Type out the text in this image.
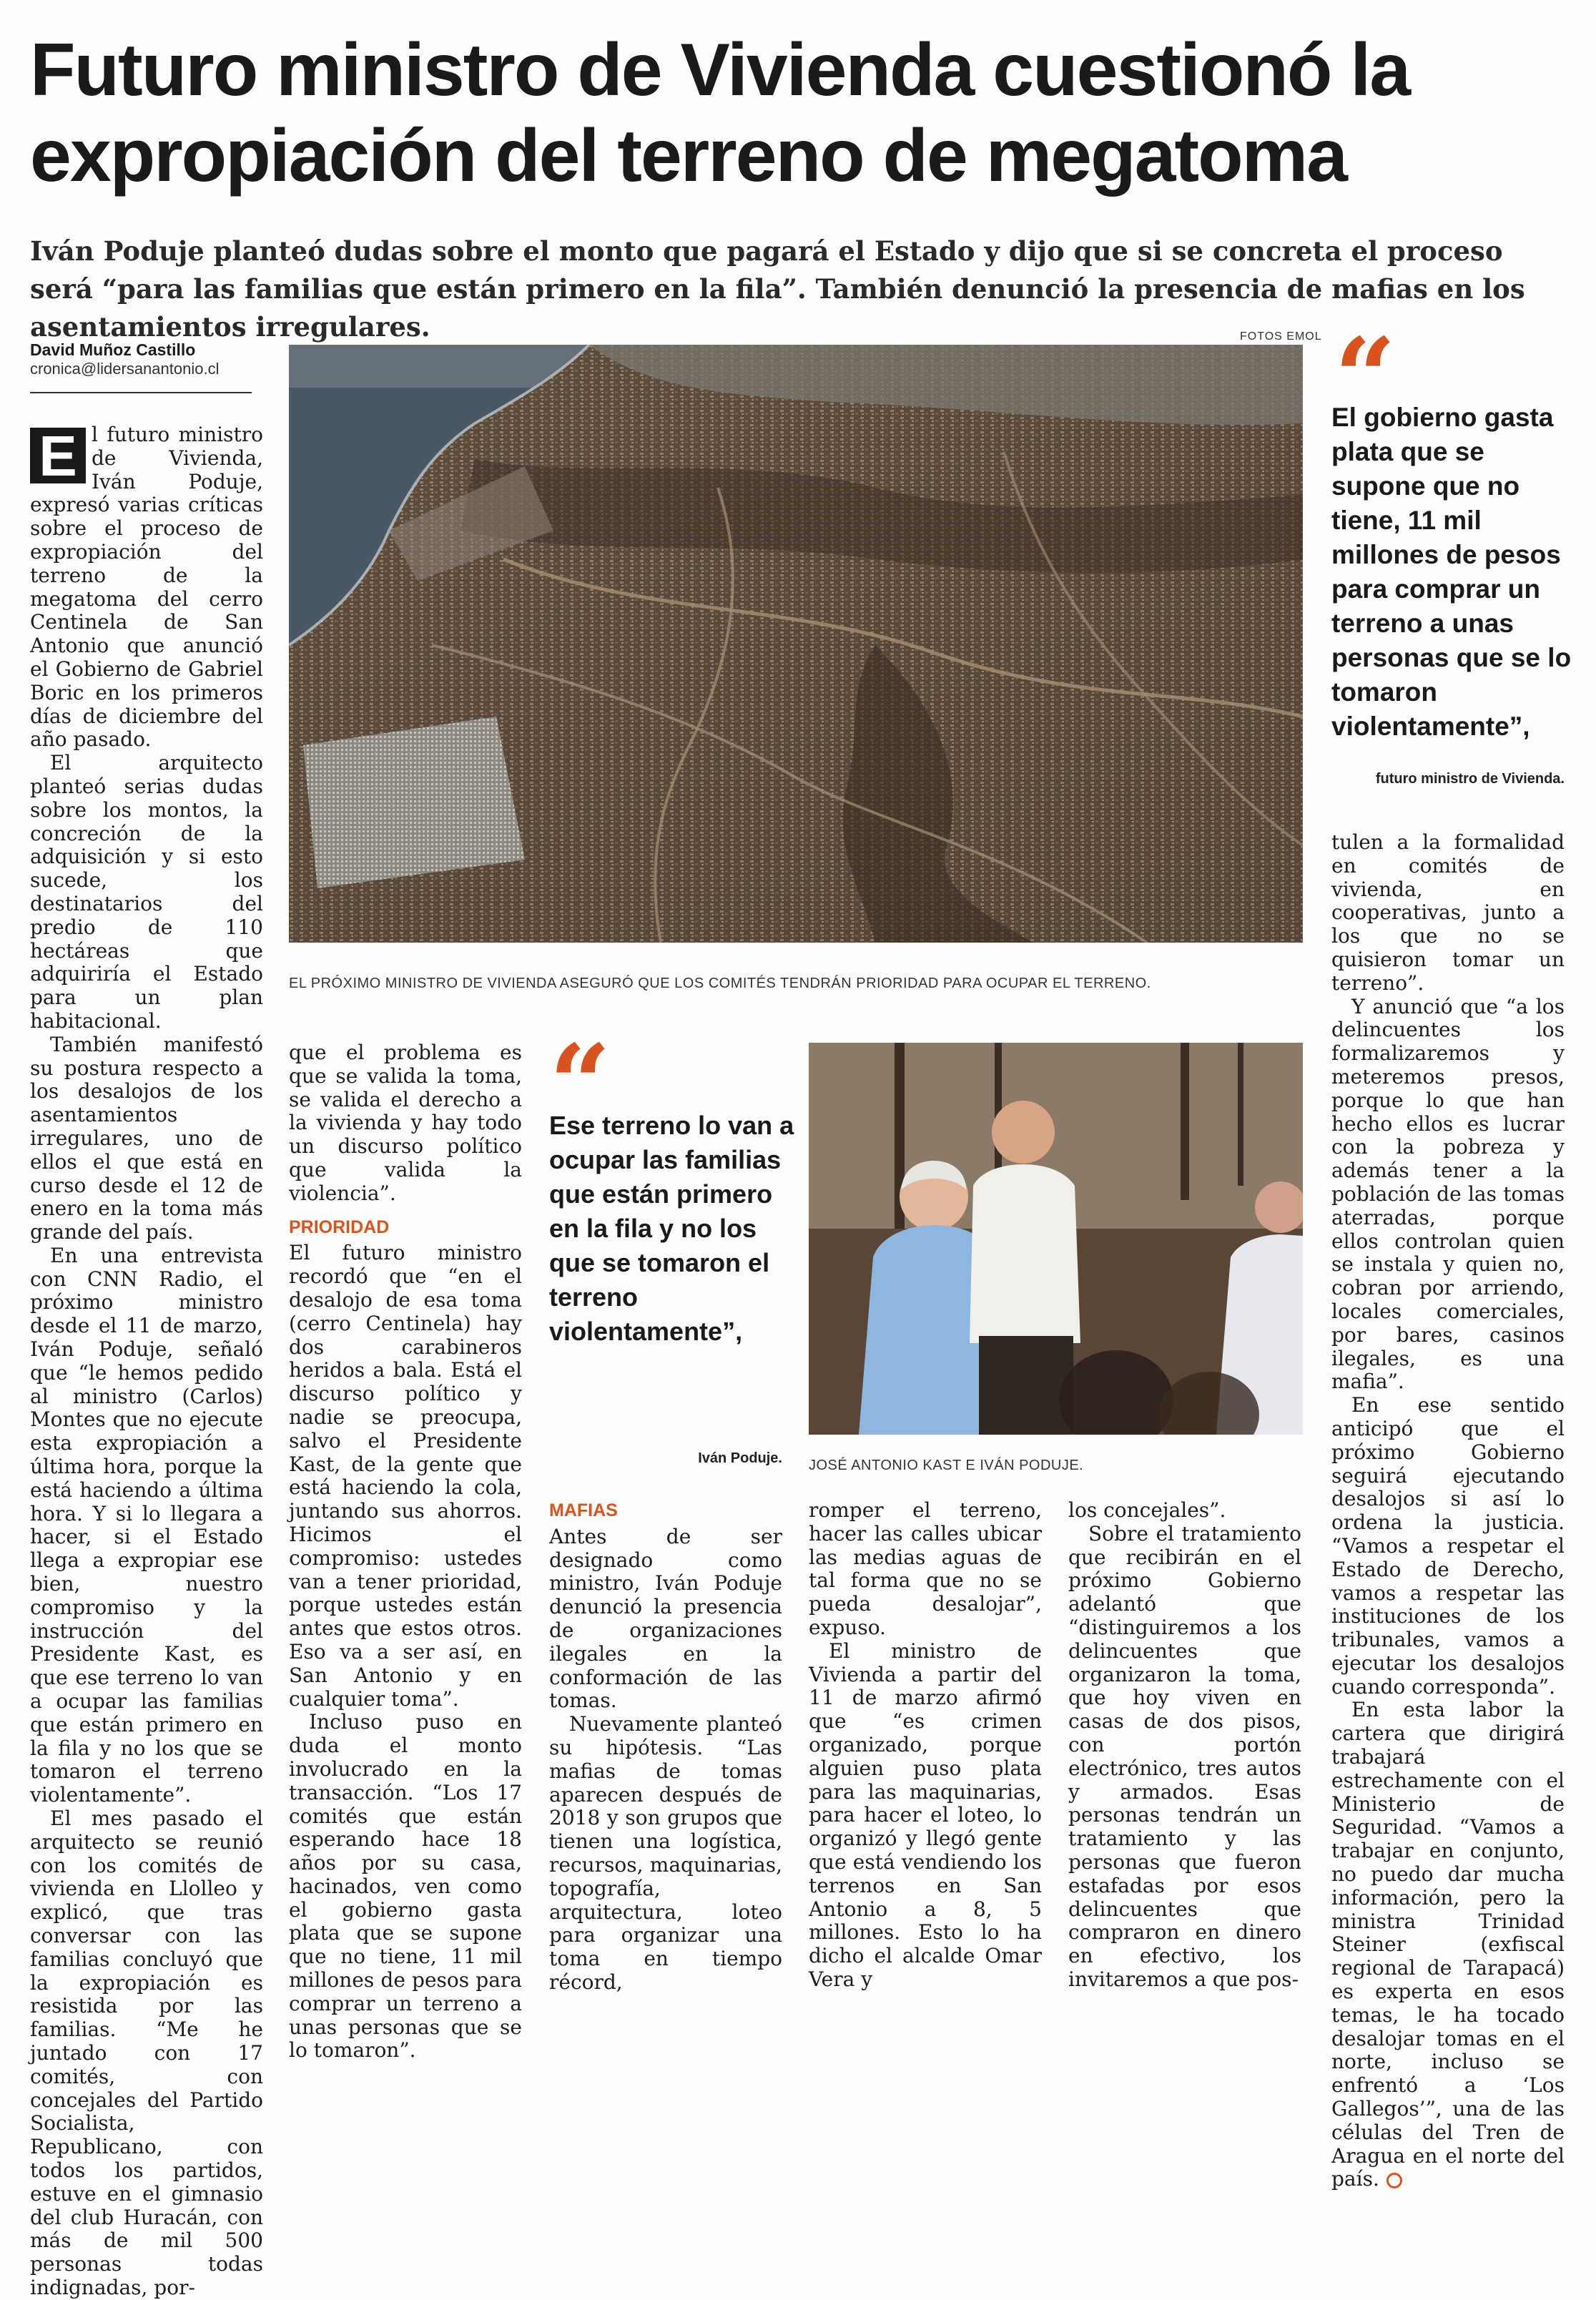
Futuro ministro de Vivienda cuestionó la expropiación del terreno de megatoma

Iván Poduje planteó dudas sobre el monto que pagará el Estado y dijo que si se concreta el proceso será “para las familias que están primero en la fila”. También denunció la presencia de mafias en los asentamientos irregulares.

David Muñoz Castillo
cronica@lidersanantonio.cl
FOTOS EMOL
EL PRÓXIMO MINISTRO DE VIVIENDA ASEGURÓ QUE LOS COMITÉS TENDRÁN PRIORIDAD PARA OCUPAR EL TERRENO.
“
El gobierno gasta plata que se supone que no tiene, 11 mil millones de pesos para comprar un terreno a unas personas que se lo tomaron violentamente”,
futuro ministro de Vivienda.

E l futuro ministro de Vivienda, Iván Poduje, expresó varias críticas sobre el proceso de expropiación del terreno de la megatoma del cerro Centinela de San Antonio que anunció el Gobierno de Gabriel Boric en los primeros días de diciembre del año pasado.

El arquitecto planteó serias dudas sobre los montos, la concreción de la adquisición y si esto sucede, los destinatarios del predio de 110 hectáreas que adquiriría el Estado para un plan habitacional.

También manifestó su postura respecto a los desalojos de los asentamientos irregulares, uno de ellos el que está en curso desde el 12 de enero en la toma más grande del país.

En una entrevista con CNN Radio, el próximo ministro desde el 11 de marzo, Iván Poduje, señaló que “le hemos pedido al ministro (Carlos) Montes que no ejecute esta expropiación a última hora, porque la está haciendo a última hora. Y si lo llegara a hacer, si el Estado llega a expropiar ese bien, nuestro compromiso y la instrucción del Presidente Kast, es que ese terreno lo van a ocupar las familias que están primero en la fila y no los que se tomaron el terreno violentamente”.

El mes pasado el arquitecto se reunió con los comités de vivienda en Llolleo y explicó, que tras conversar con las familias concluyó que la expropiación es resistida por las familias. “Me he juntado con 17 comités, con concejales del Partido Socialista, Republicano, con todos los partidos, estuve en el gimnasio del club Huracán, con más de mil 500 personas todas indignadas, por-

que el problema es que se valida la toma, se valida el derecho a la vivienda y hay todo un discurso político que valida la violencia”.

PRIORIDAD

El futuro ministro recordó que “en el desalojo de esa toma (cerro Centinela) hay dos carabineros heridos a bala. Está el discurso político y nadie se preocupa, salvo el Presidente Kast, de la gente que está haciendo la cola, juntando sus ahorros. Hicimos el compromiso: ustedes van a tener prioridad, porque ustedes están antes que estos otros. Eso va a ser así, en San Antonio y en cualquier toma”.

Incluso puso en duda el monto involucrado en la transacción. “Los 17 comités que están esperando hace 18 años por su casa, hacinados, ven como el gobierno gasta plata que se supone que no tiene, 11 mil millones de pesos para comprar un terreno a unas personas que se lo tomaron”.

“
Ese terreno lo van a ocupar las familias que están primero en la fila y no los que se tomaron el terreno violentamente”,
Iván Poduje. JOSÉ ANTONIO KAST E IVÁN PODUJE.
MAFIAS

Antes de ser designado como ministro, Iván Poduje denunció la presencia de organizaciones ilegales en la conformación de las tomas.

Nuevamente planteó su hipótesis. “Las mafias de tomas aparecen después de 2018 y son grupos que tienen una logística, recursos, maquinarias, topografía, arquitectura, loteo para organizar una toma en tiempo récord,

romper el terreno, hacer las calles ubicar las medias aguas de tal forma que no se pueda desalojar”, expuso.

El ministro de Vivienda a partir del 11 de marzo afirmó que “es crimen organizado, porque alguien puso plata para las maquinarias, para hacer el loteo, lo organizó y llegó gente que está vendiendo los terrenos en San Antonio a 8, 5 millones. Esto lo ha dicho el alcalde Omar Vera y

los concejales”.

Sobre el tratamiento que recibirán en el próximo Gobierno adelantó que “distinguiremos a los delincuentes que organizaron la toma, que hoy viven en casas de dos pisos, con portón electrónico, tres autos y armados. Esas personas tendrán un tratamiento y las personas que fueron estafadas por esos delincuentes que compraron en dinero en efectivo, los invitaremos a que pos-

tulen a la formalidad en comités de vivienda, en cooperativas, junto a los que no se quisieron tomar un terreno”.

Y anunció que “a los delincuentes los formalizaremos y meteremos presos, porque lo que han hecho ellos es lucrar con la pobreza y además tener a la población de las tomas aterradas, porque ellos controlan quien se instala y quien no, cobran por arriendo, locales comerciales, por bares, casinos ilegales, es una mafia”.

En ese sentido anticipó que el próximo Gobierno seguirá ejecutando desalojos si así lo ordena la justicia. “Vamos a respetar el Estado de Derecho, vamos a respetar las instituciones de los tribunales, vamos a ejecutar los desalojos cuando corresponda”.

En esta labor la cartera que dirigirá trabajará estrechamente con el Ministerio de Seguridad. “Vamos a trabajar en conjunto, no puedo dar mucha información, pero la ministra Trinidad Steiner (exfiscal regional de Tarapacá) es experta en esos temas, le ha tocado desalojar tomas en el norte, incluso se enfrentó a ‘Los Gallegos’”, una de las células del Tren de Aragua en el norte del país.
